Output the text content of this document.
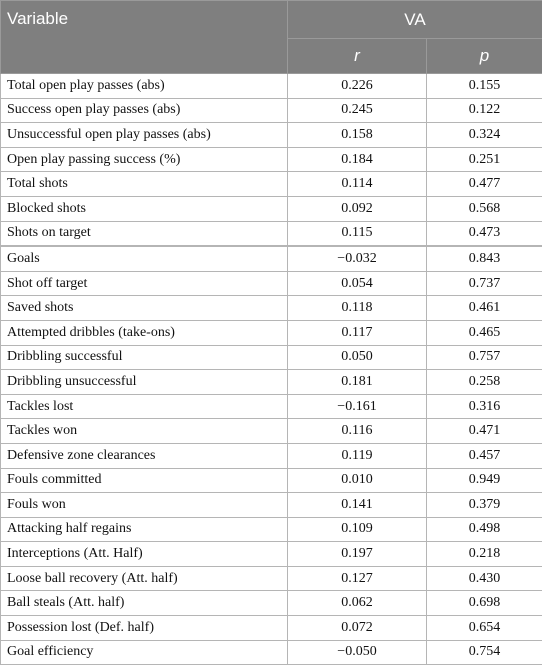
Variable	VA	
	r	p
Total open play passes (abs)	0.226	0.155
Success open play passes (abs)	0.245	0.122
Unsuccessful open play passes (abs)	0.158	0.324
Open play passing success (%)	0.184	0.251
Total shots	0.114	0.477
Blocked shots	0.092	0.568
Shots on target	0.115	0.473
Goals	−0.032	0.843
Shot off target	0.054	0.737
Saved shots	0.118	0.461
Attempted dribbles (take-ons)	0.117	0.465
Dribbling successful	0.050	0.757
Dribbling unsuccessful	0.181	0.258
Tackles lost	−0.161	0.316
Tackles won	0.116	0.471
Defensive zone clearances	0.119	0.457
Fouls committed	0.010	0.949
Fouls won	0.141	0.379
Attacking half regains	0.109	0.498
Interceptions (Att. Half)	0.197	0.218
Loose ball recovery (Att. half)	0.127	0.430
Ball steals (Att. half)	0.062	0.698
Possession lost (Def. half)	0.072	0.654
Goal efficiency	−0.050	0.754
